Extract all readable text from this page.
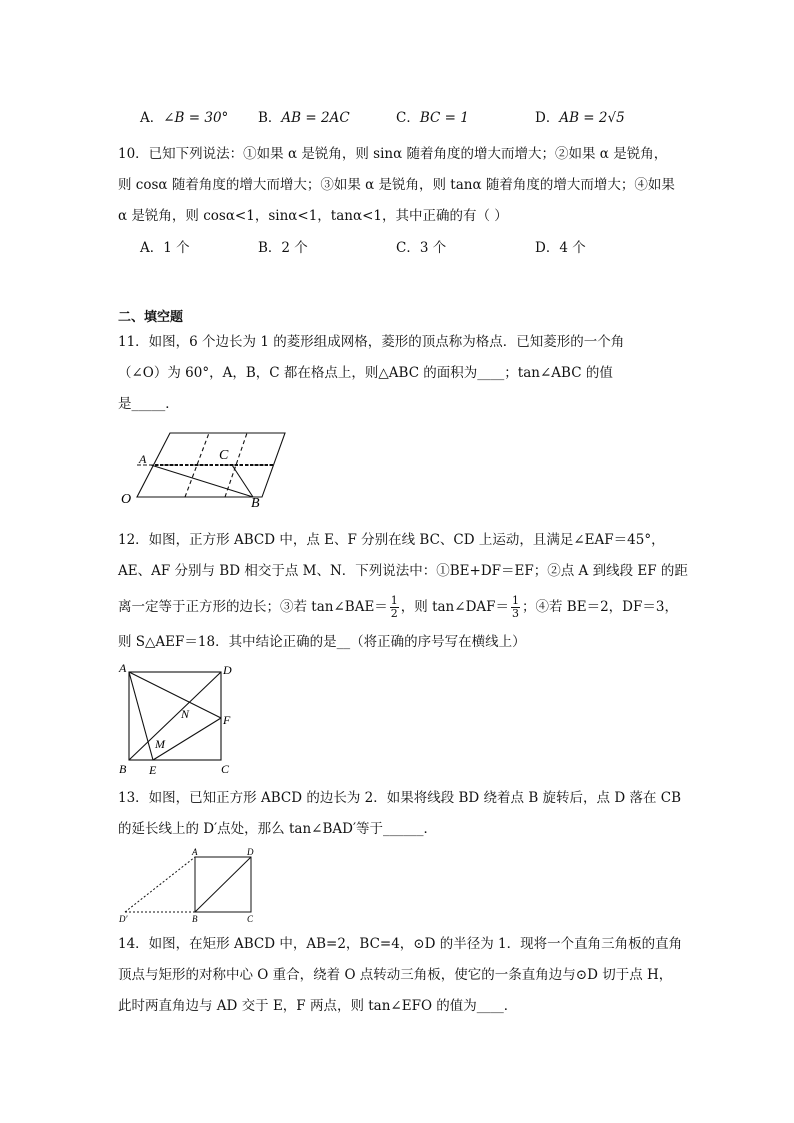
A．∠B = 30° B．AB = 2AC	C．BC = 1	D．AB = 2√5
10．已知下列说法：①如果 α 是锐角，则 sinα 随着角度的增大而增大；②如果 α 是锐角，
则 cosα 随着角度的增大而增大；③如果 α 是锐角，则 tanα 随着角度的增大而增大；④如果
α 是锐角，则 cosα<1，sinα<1，tanα<1，其中正确的有（ ）
A．1 个	B．2 个	C．3 个	D．4 个
二、填空题
11．如图，6 个边长为 1 的菱形组成网格，菱形的顶点称为格点．已知菱形的一个角
（∠O）为 60°，A，B，C 都在格点上，则△ABC 的面积为____；tan∠ABC 的值
是_____．
A	C
B
O
12．如图，正方形 ABCD 中，点 E、F 分别在线 BC、CD 上运动，且满足∠EAF＝45°，
AE、AF 分别与 BD 相交于点 M、N．下列说法中：①BE+DF＝EF；②点 A 到线段 EF 的距
离一定等于正方形的边长；③若 tan∠BAE＝ $\frac{1}{2}$ ，则 tan∠DAF＝ $\frac{1}{3}$ ；④若 BE＝2，DF＝3，
则 S△AEF＝18．其中结论正确的是__（将正确的序号写在横线上）
A	D
B	C
E
F
M
N
13．如图，已知正方形 ABCD 的边长为 2．如果将线段 BD 绕着点 B 旋转后，点 D 落在 CB
的延长线上的 D′点处，那么 tan∠BAD′等于______．
A	D
B	C
D′
14．如图，在矩形 ABCD 中，AB=2，BC=4，⊙D 的半径为 1．现将一个直角三角板的直角
顶点与矩形的对称中心 O 重合，绕着 O 点转动三角板，使它的一条直角边与⊙D 切于点 H，
此时两直角边与 AD 交于 E，F 两点，则 tan∠EFO 的值为____．
